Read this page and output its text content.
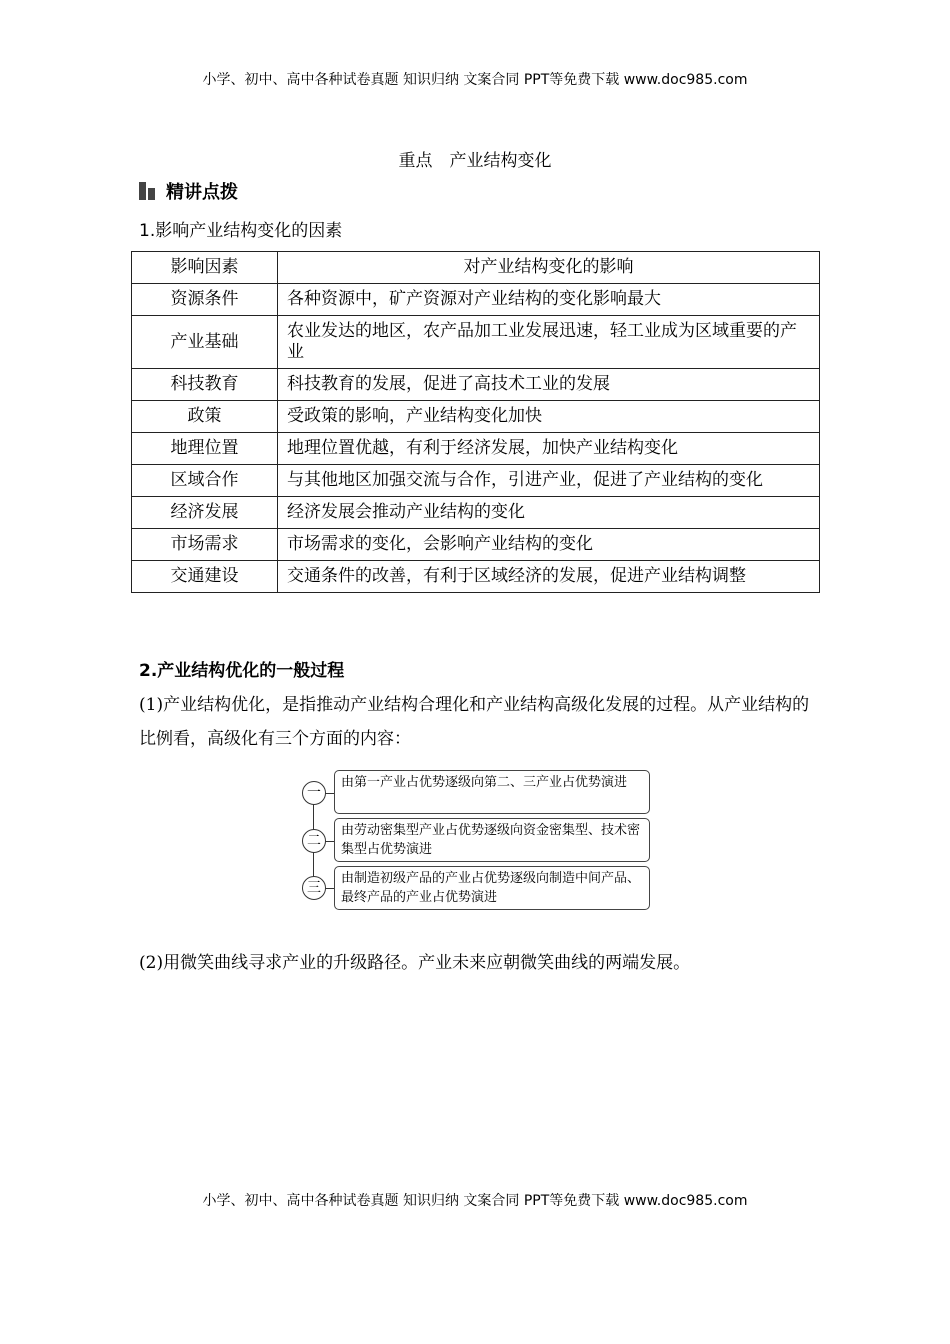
小学、初中、高中各种试卷真题 知识归纳 文案合同 PPT等免费下载 www.doc985.com
重点　产业结构变化
精讲点拨
1.影响产业结构变化的因素
影响因素	对产业结构变化的影响
资源条件	各种资源中，矿产资源对产业结构的变化影响最大
产业基础	农业发达的地区，农产品加工业发展迅速，轻工业成为区域重要的产业
科技教育	科技教育的发展，促进了高技术工业的发展
政策	受政策的影响，产业结构变化加快
地理位置	地理位置优越，有利于经济发展，加快产业结构变化
区域合作	与其他地区加强交流与合作，引进产业，促进了产业结构的变化
经济发展	经济发展会推动产业结构的变化
市场需求	市场需求的变化，会影响产业结构的变化
交通建设	交通条件的改善，有利于区域经济的发展，促进产业结构调整
2.产业结构优化的一般过程
(1)产业结构优化，是指推动产业结构合理化和产业结构高级化发展的过程。从产业结构的比例看，高级化有三个方面的内容：
一
由第一产业占优势逐级向第二、三产业占优势演进
二
由劳动密集型产业占优势逐级向资金密集型、技术密集型占优势演进
三
由制造初级产品的产业占优势逐级向制造中间产品、最终产品的产业占优势演进
(2)用微笑曲线寻求产业的升级路径。产业未来应朝微笑曲线的两端发展。
小学、初中、高中各种试卷真题 知识归纳 文案合同 PPT等免费下载 www.doc985.com
